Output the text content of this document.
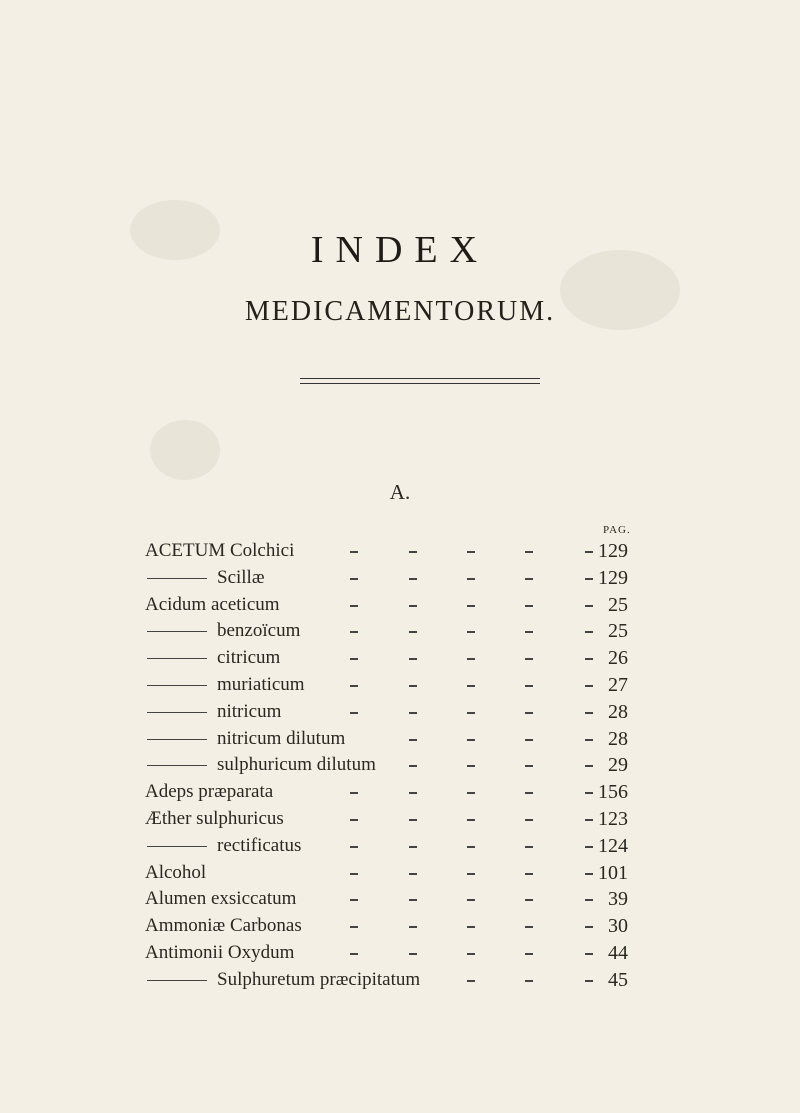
INDEX
MEDICAMENTORUM.
A.
PAG.
ACETUM Colchici	129
Scillæ	129
Acidum aceticum	25
benzoïcum	25
citricum	26
muriaticum	27
nitricum	28
nitricum dilutum	28
sulphuricum dilutum	29
Adeps præparata	156
Æther sulphuricus	123
rectificatus	124
Alcohol	101
Alumen exsiccatum	39
Ammoniæ Carbonas	30
Antimonii Oxydum	44
Sulphuretum præcipitatum	45
